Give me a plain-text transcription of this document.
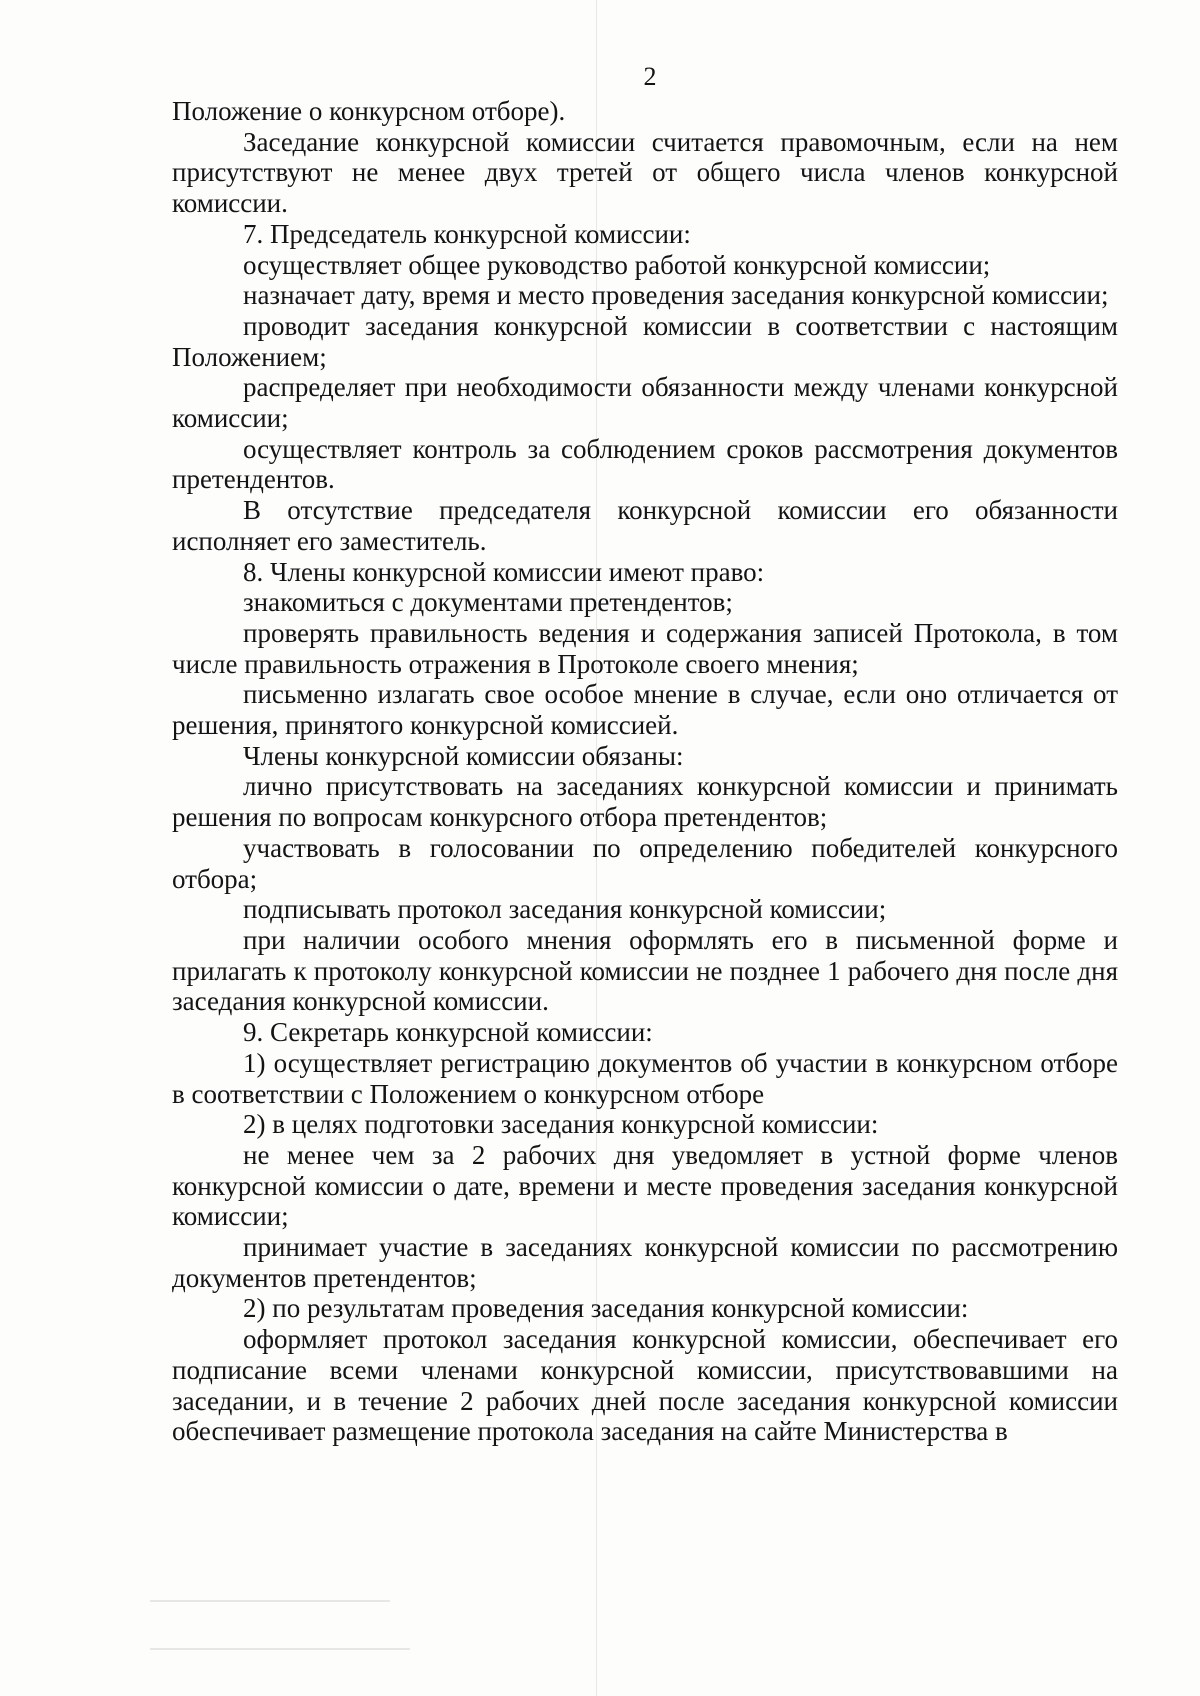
2

Положение о конкурсном отборе).

Заседание конкурсной комиссии считается правомочным, если на нем присутствуют не менее двух третей от общего числа членов конкурсной комиссии.

7. Председатель конкурсной комиссии:

осуществляет общее руководство работой конкурсной комиссии;

назначает дату, время и место проведения заседания конкурсной комиссии;

проводит заседания конкурсной комиссии в соответствии с настоящим Положением;

распределяет при необходимости обязанности между членами конкурсной комиссии;

осуществляет контроль за соблюдением сроков рассмотрения документов претендентов.

В отсутствие председателя конкурсной комиссии его обязанности исполняет его заместитель.

8. Члены конкурсной комиссии имеют право:

знакомиться с документами претендентов;

проверять правильность ведения и содержания записей Протокола, в том числе правильность отражения в Протоколе своего мнения;

письменно излагать свое особое мнение в случае, если оно отличается от решения, принятого конкурсной комиссией.

Члены конкурсной комиссии обязаны:

лично присутствовать на заседаниях конкурсной комиссии и принимать решения по вопросам конкурсного отбора претендентов;

участвовать в голосовании по определению победителей конкурсного отбора;

подписывать протокол заседания конкурсной комиссии;

при наличии особого мнения оформлять его в письменной форме и прилагать к протоколу конкурсной комиссии не позднее 1 рабочего дня после дня заседания конкурсной комиссии.

9. Секретарь конкурсной комиссии:

1) осуществляет регистрацию документов об участии в конкурсном отборе в соответствии с Положением о конкурсном отборе

2) в целях подготовки заседания конкурсной комиссии:

не менее чем за 2 рабочих дня уведомляет в устной форме членов конкурсной комиссии о дате, времени и месте проведения заседания конкурсной комиссии;

принимает участие в заседаниях конкурсной комиссии по рассмотрению документов претендентов;

2) по результатам проведения заседания конкурсной комиссии:

оформляет протокол заседания конкурсной комиссии, обеспечивает его подписание всеми членами конкурсной комиссии, присутствовавшими на заседании, и в течение 2 рабочих дней после заседания конкурсной комиссии обеспечивает размещение протокола заседания на сайте Министерства в
